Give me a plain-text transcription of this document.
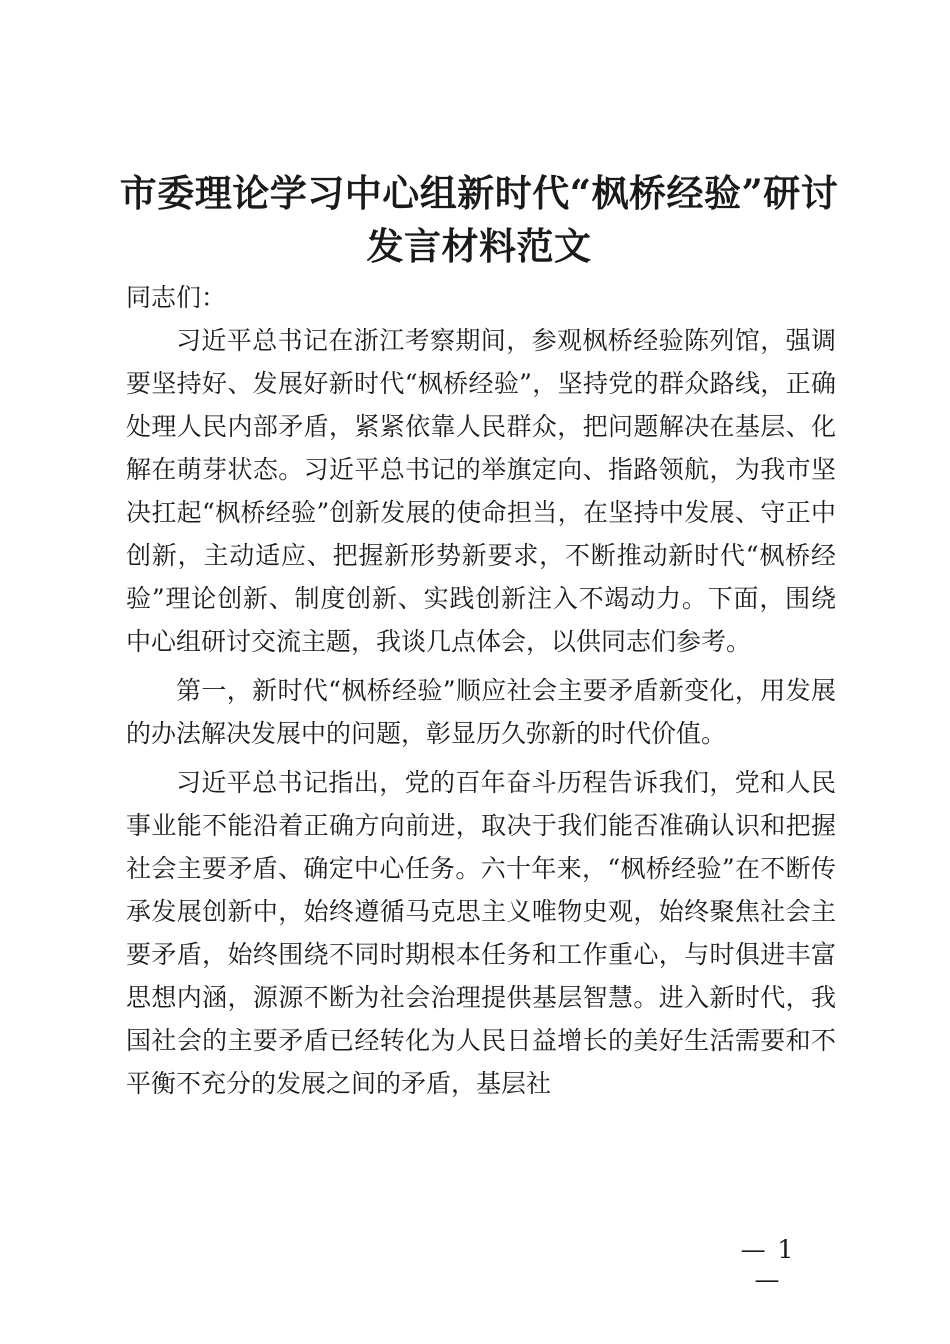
市委理论学习中心组新时代“枫桥经验”研讨
发言材料范文

同志们：

习近平总书记在浙江考察期间，参观枫桥经验陈列馆，强调要坚持好、发展好新时代“枫桥经验”，坚持党的群众路线，正确处理人民内部矛盾，紧紧依靠人民群众，把问题解决在基层、化解在萌芽状态。习近平总书记的举旗定向、指路领航，为我市坚决扛起“枫桥经验”创新发展的使命担当，在坚持中发展、守正中创新，主动适应、把握新形势新要求，不断推动新时代“枫桥经验”理论创新、制度创新、实践创新注入不竭动力。下面，围绕中心组研讨交流主题，我谈几点体会，以供同志们参考。

第一，新时代“枫桥经验”顺应社会主要矛盾新变化，用发展的办法解决发展中的问题，彰显历久弥新的时代价值。

习近平总书记指出，党的百年奋斗历程告诉我们，党和人民事业能不能沿着正确方向前进，取决于我们能否准确认识和把握社会主要矛盾、确定中心任务。六十年来，“枫桥经验”在不断传承发展创新中，始终遵循马克思主义唯物史观，始终聚焦社会主要矛盾，始终围绕不同时期根本任务和工作重心，与时俱进丰富思想内涵，源源不断为社会治理提供基层智慧。进入新时代，我国社会的主要矛盾已经转化为人民日益增长的美好生活需要和不平衡不充分的发展之间的矛盾，基层社

— 1 —
